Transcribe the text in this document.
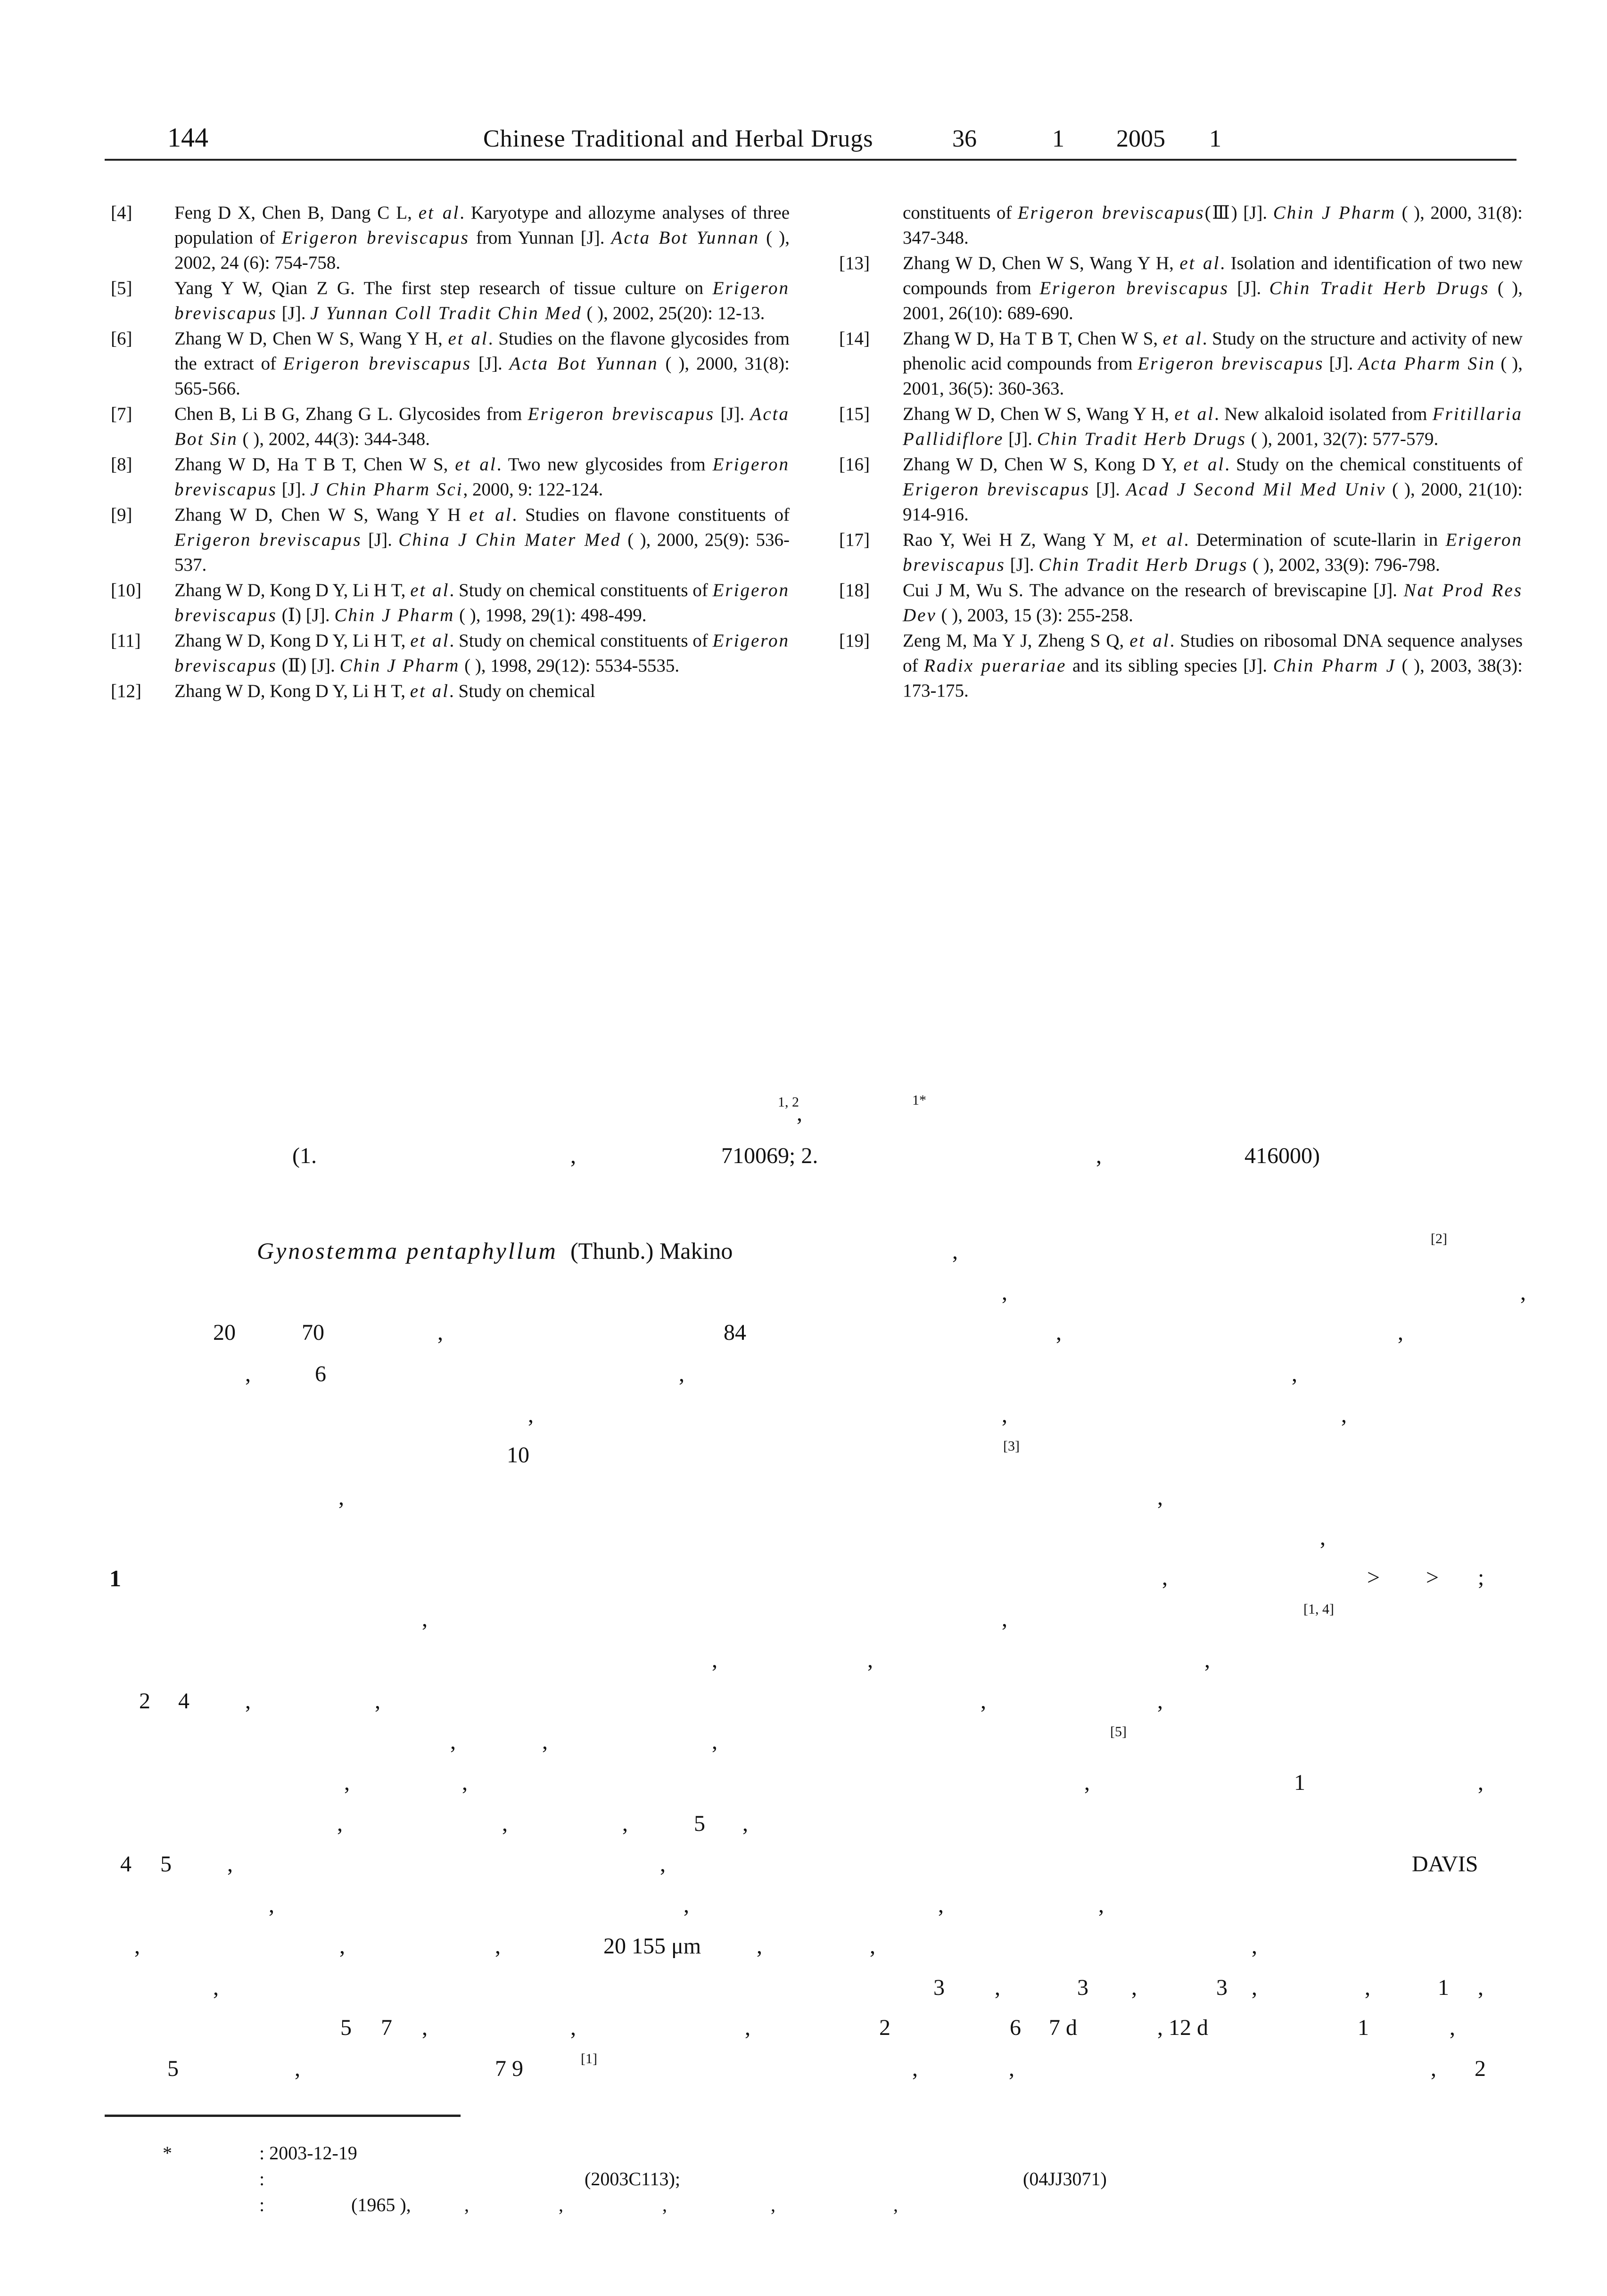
144	Chinese Traditional and Herbal Drugs	36	1 2005 1
[4]	Feng D X, Chen B, Dang C L, et al. Karyotype and allozyme analyses of three population of Erigeron breviscapus from Yunnan [J]. Acta Bot Yunnan ( ), 2002, 24 (6): 754-758.
[5]	Yang Y W, Qian Z G. The first step research of tissue culture on Erigeron breviscapus [J]. J Yunnan Coll Tradit Chin Med ( ), 2002, 25(20): 12-13.
[6]	Zhang W D, Chen W S, Wang Y H, et al. Studies on the flavone glycosides from the extract of Erigeron breviscapus [J]. Acta Bot Yunnan ( ), 2000, 31(8): 565-566.
[7]	Chen B, Li B G, Zhang G L. Glycosides from Erigeron breviscapus [J]. Acta Bot Sin ( ), 2002, 44(3): 344-348.
[8]	Zhang W D, Ha T B T, Chen W S, et al. Two new glycosides from Erigeron breviscapus [J]. J Chin Pharm Sci, 2000, 9: 122-124.
[9]	Zhang W D, Chen W S, Wang Y H et al. Studies on flavone constituents of Erigeron breviscapus [J]. China J Chin Mater Med ( ), 2000, 25(9): 536-537.
[10]	Zhang W D, Kong D Y, Li H T, et al. Study on chemical constituents of Erigeron breviscapus (Ⅰ) [J]. Chin J Pharm ( ), 1998, 29(1): 498-499.
[11]	Zhang W D, Kong D Y, Li H T, et al. Study on chemical constituents of Erigeron breviscapus (Ⅱ) [J]. Chin J Pharm ( ), 1998, 29(12): 5534-5535.
[12]	Zhang W D, Kong D Y, Li H T, et al. Study on chemical
constituents of Erigeron breviscapus(Ⅲ) [J]. Chin J Pharm ( ), 2000, 31(8): 347-348.
[13]	Zhang W D, Chen W S, Wang Y H, et al. Isolation and identification of two new compounds from Erigeron breviscapus [J]. Chin Tradit Herb Drugs ( ), 2001, 26(10): 689-690.
[14]	Zhang W D, Ha T B T, Chen W S, et al. Study on the structure and activity of new phenolic acid compounds from Erigeron breviscapus [J]. Acta Pharm Sin ( ), 2001, 36(5): 360-363.
[15]	Zhang W D, Chen W S, Wang Y H, et al. New alkaloid isolated from Fritillaria Pallidiflore [J]. Chin Tradit Herb Drugs ( ), 2001, 32(7): 577-579.
[16]	Zhang W D, Chen W S, Kong D Y, et al. Study on the chemical constituents of Erigeron breviscapus [J]. Acad J Second Mil Med Univ ( ), 2000, 21(10): 914-916.
[17]	Rao Y, Wei H Z, Wang Y M, et al. Determination of scute-llarin in Erigeron breviscapus [J]. Chin Tradit Herb Drugs ( ), 2002, 33(9): 796-798.
[18]	Cui J M, Wu S. The advance on the research of breviscapine [J]. Nat Prod Res Dev ( ), 2003, 15 (3): 255-258.
[19]	Zeng M, Ma Y J, Zheng S Q, et al. Studies on ribosomal DNA sequence analyses of Radix puerariae and its sibling species [J]. Chin Pharm J ( ), 2003, 38(3): 173-175.
1, 2
,
1*
(1.	,	710069; 2.	,	416000)
Gynostemma pentaphyllum (Thunb.) Makino	,
[2]
,	,
20	70	,	84	,	,
,	6	,	,
,	,	,
10	[3]
,	,
,
1	,	> > ;
,	,	[1, 4]
,	,	,
2 4 ,	,	,	,
,	,	,	[5]
,	,	,	1	,
,	,	,	5 ,
4 5 ,	,	DAVIS
,	,	,	,
,	,	,	20 155 μm ,	,	,
,	3 ,	3 ,	3 ,	,	1 ,
5 7 ,	,	,	2	6 7 d	, 12 d	1	,
5	,	7 9	[1]	,	,	, 2
*	: 2003-12-19
:	(2003C113);	(04JJ3071)
:	(1965 ),	,	,	,	,	,
